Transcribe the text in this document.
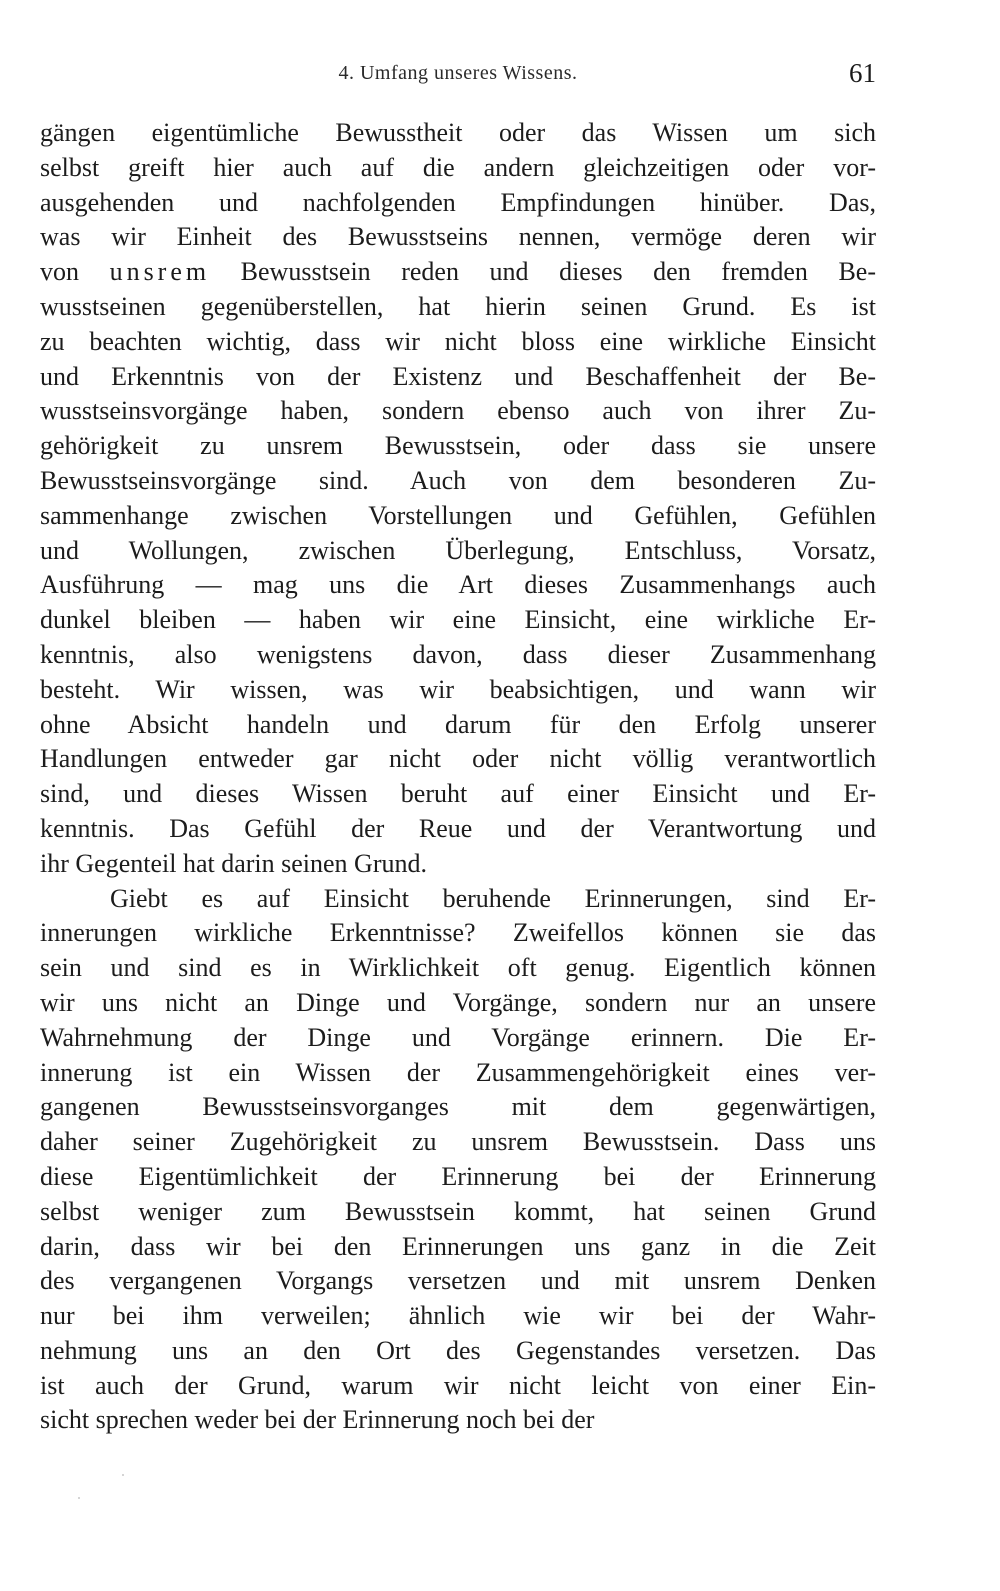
4. Umfang unseres Wissens.	61
gängen eigentümliche Bewusstheit oder das Wissen um sich
selbst greift hier auch auf die andern gleichzeitigen oder vor-
ausgehenden und nachfolgenden Empfindungen hinüber. Das,
was wir Einheit des Bewusstseins nennen, vermöge deren wir
von unsrem Bewusstsein reden und dieses den fremden Be-
wusstseinen gegenüberstellen, hat hierin seinen Grund. Es ist
zu beachten wichtig, dass wir nicht bloss eine wirkliche Einsicht
und Erkenntnis von der Existenz und Beschaffenheit der Be-
wusstseinsvorgänge haben, sondern ebenso auch von ihrer Zu-
gehörigkeit zu unsrem Bewusstsein, oder dass sie unsere
Bewusstseinsvorgänge sind. Auch von dem besonderen Zu-
sammenhange zwischen Vorstellungen und Gefühlen, Gefühlen
und Wollungen, zwischen Überlegung, Entschluss, Vorsatz,
Ausführung — mag uns die Art dieses Zusammenhangs auch
dunkel bleiben — haben wir eine Einsicht, eine wirkliche Er-
kenntnis, also wenigstens davon, dass dieser Zusammenhang
besteht. Wir wissen, was wir beabsichtigen, und wann wir
ohne Absicht handeln und darum für den Erfolg unserer
Handlungen entweder gar nicht oder nicht völlig verantwortlich
sind, und dieses Wissen beruht auf einer Einsicht und Er-
kenntnis. Das Gefühl der Reue und der Verantwortung und
ihr Gegenteil hat darin seinen Grund.
Giebt es auf Einsicht beruhende Erinnerungen, sind Er-
innerungen wirkliche Erkenntnisse? Zweifellos können sie das
sein und sind es in Wirklichkeit oft genug. Eigentlich können
wir uns nicht an Dinge und Vorgänge, sondern nur an unsere
Wahrnehmung der Dinge und Vorgänge erinnern. Die Er-
innerung ist ein Wissen der Zusammengehörigkeit eines ver-
gangenen Bewusstseinsvorganges mit dem gegenwärtigen,
daher seiner Zugehörigkeit zu unsrem Bewusstsein. Dass uns
diese Eigentümlichkeit der Erinnerung bei der Erinnerung
selbst weniger zum Bewusstsein kommt, hat seinen Grund
darin, dass wir bei den Erinnerungen uns ganz in die Zeit
des vergangenen Vorgangs versetzen und mit unsrem Denken
nur bei ihm verweilen; ähnlich wie wir bei der Wahr-
nehmung uns an den Ort des Gegenstandes versetzen. Das
ist auch der Grund, warum wir nicht leicht von einer Ein-
sicht sprechen weder bei der Erinnerung noch bei der
